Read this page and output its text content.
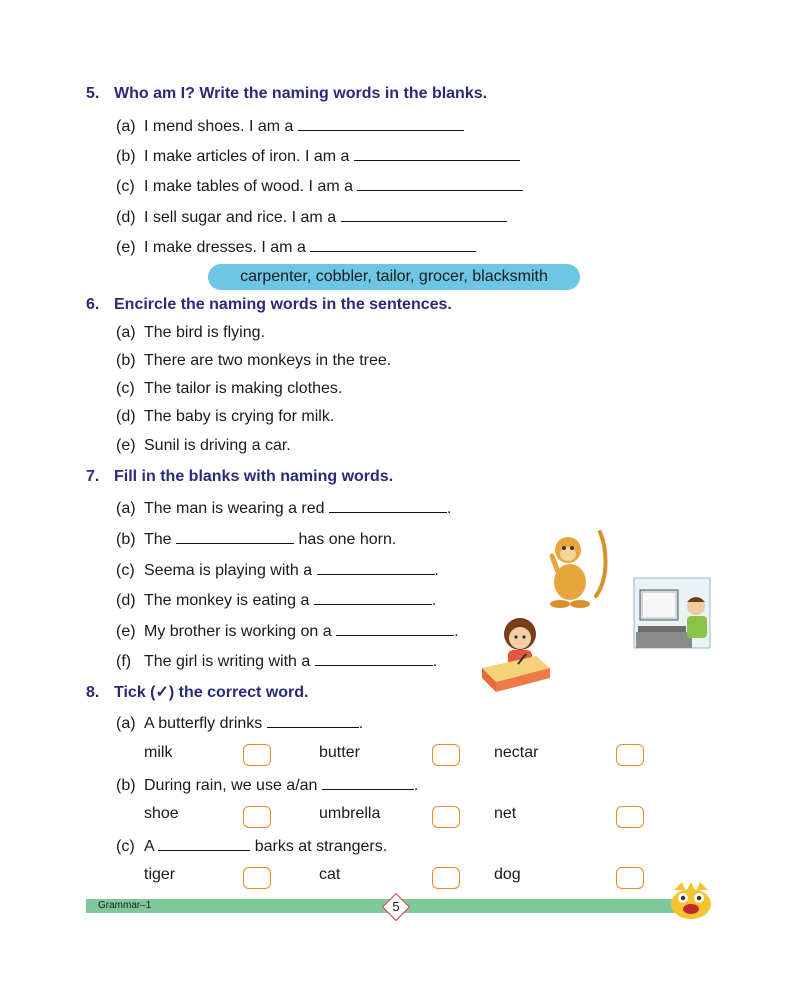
5. Who am I? Write the naming words in the blanks.
(a) I mend shoes. I am a
(b) I make articles of iron. I am a
(c) I make tables of wood. I am a
(d) I sell sugar and rice. I am a
(e) I make dresses. I am a
carpenter, cobbler, tailor, grocer, blacksmith
6. Encircle the naming words in the sentences.
(a) The bird is flying.
(b) There are two monkeys in the tree.
(c) The tailor is making clothes.
(d) The baby is crying for milk.
(e) Sunil is driving a car.
7. Fill in the blanks with naming words.
(a) The man is wearing a red	.
(b) The	has one horn.
(c) Seema is playing with a	.
(d) The monkey is eating a	.
(e) My brother is working on a	.
(f) The girl is writing with a	.
8. Tick (✓) the correct word.
(a) A butterfly drinks	.
milk	butter	nectar
(b) During rain, we use a/an	.
shoe	umbrella	net
(c) A	barks at strangers.
tiger	cat	dog
Grammar–1	5
